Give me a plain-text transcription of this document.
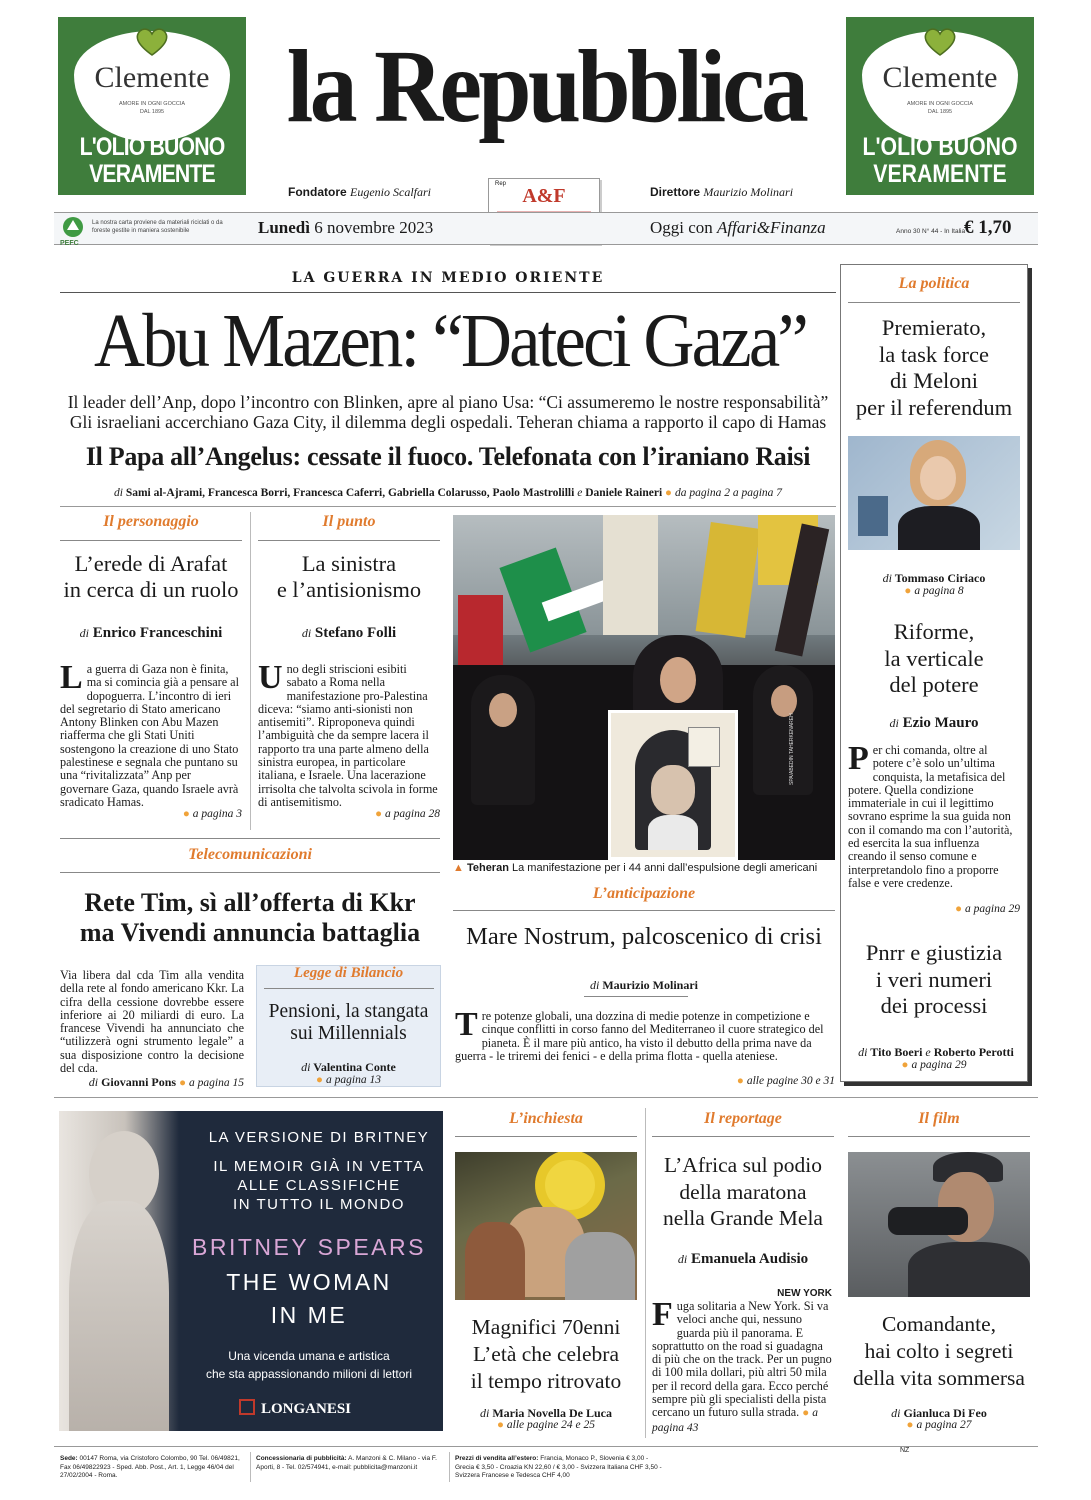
Clemente
AMORE IN OGNI GOCCIA
DAL 1895
L'OLIO BUONO
VERAMENTE
Clemente
AMORE IN OGNI GOCCIA
DAL 1895
L'OLIO BUONO
VERAMENTE
la Repubblica
Fondatore Eugenio Scalfari	Direttore Maurizio Molinari
Rep
A&F
PEFC
La nostra carta proviene da materiali riciclati o da foreste gestite in maniera sostenibile	Lunedì 6 novembre 2023	Oggi con Affari&Finanza	Anno 30 N° 44 - In Italia
€ 1,70
LA GUERRA IN MEDIO ORIENTE
Abu Mazen: “Dateci Gaza”
Il leader dell’Anp, dopo l’incontro con Blinken, apre al piano Usa: “Ci assumeremo le nostre responsabilità”
Gli israeliani accerchiano Gaza City, il dilemma degli ospedali. Teheran chiama a rapporto il capo di Hamas
Il Papa all’Angelus: cessate il fuoco. Telefonata con l’iraniano Raisi
di Sami al-Ajrami, Francesca Borri, Francesca Caferri, Gabriella Colarusso, Paolo Mastrolilli e Daniele Raineri ● da pagina 2 a pagina 7
Il personaggio
L’erede di Arafat
in cerca di un ruolo
di Enrico Franceschini
La guerra di Gaza non è finita, ma si comincia già a pensare al dopoguerra. L’incontro di ieri del segretario di Stato americano Antony Blinken con Abu Mazen riafferma che gli Stati Uniti sostengono la creazione di uno Stato palestinese e segnala che puntano su una “rivitalizzata” Anp per governare Gaza, quando Israele avrà sradicato Hamas.
● a pagina 3
Il punto
La sinistra
e l’antisionismo
di Stefano Folli
Uno degli striscioni esibiti sabato a Roma nella manifestazione pro-Palestina diceva: “siamo anti-sionisti non antisemiti”. Riproponeva quindi l’ambiguità che da sempre lacera il rapporto tra una parte almeno della sinistra europea, in particolare italiana, e Israele. Una lacerazione irrisolta che talvolta scivola in forme di antisemitismo.
● a pagina 28
SPA/ABEDIN TAHERKENAREH
▲ Teheran La manifestazione per i 44 anni dall’espulsione degli americani
La politica
Premierato,
la task force
di Meloni
per il referendum
di Tommaso Ciriaco
● a pagina 8
Riforme,
la verticale
del potere
di Ezio Mauro
Per chi comanda, oltre al potere c’è solo un’ultima conquista, la metafisica del potere. Quella condizione immateriale in cui il legittimo sovrano esprime la sua guida non con il comando ma con l’autorità, ed esercita la sua influenza creando il senso comune e interpretandolo fino a proporre false e vere credenze.
● a pagina 29
Pnrr e giustizia
i veri numeri
dei processi
di Tito Boeri e Roberto Perotti
● a pagina 29
Telecomunicazioni
Rete Tim, sì all’offerta di Kkr
ma Vivendi annuncia battaglia
Via libera dal cda Tim alla vendita della rete al fondo americano Kkr. La cifra della cessione dovrebbe essere inferiore ai 20 miliardi di euro. La francese Vivendi ha annunciato che “utilizzerà ogni strumento legale” a sua disposizione contro la decisione del cda.
di Giovanni Pons ● a pagina 15
Legge di Bilancio
Pensioni, la stangata
sui Millennials
di Valentina Conte
● a pagina 13
L’anticipazione
Mare Nostrum, palcoscenico di crisi
di Maurizio Molinari
Tre potenze globali, una dozzina di medie potenze in competizione e cinque conflitti in corso fanno del Mediterraneo il cuore strategico del pianeta. È il mare più antico, ha visto il debutto della prima nave da guerra - le triremi dei fenici - e della prima flotta - quella ateniese.
● alle pagine 30 e 31
LA VERSIONE DI BRITNEY
IL MEMOIR GIÀ IN VETTA
ALLE CLASSIFICHE
IN TUTTO IL MONDO
BRITNEY SPEARS
THE WOMAN
IN ME
Una vicenda umana e artistica
che sta appassionando milioni di lettori
LONGANESI
L’inchiesta
Magnifici 70enni
L’età che celebra
il tempo ritrovato
di Maria Novella De Luca
● alle pagine 24 e 25
Il reportage
L’Africa sul podio
della maratona
nella Grande Mela
di Emanuela Audisio
NEW YORK
Fuga solitaria a New York. Si va veloci anche qui, nessuno guarda più il panorama. E soprattutto on the road si guadagna di più che on the track. Per un pugno di 100 mila dollari, più altri 50 mila per il record della gara. Ecco perché sempre più gli specialisti della pista cercano un futuro sulla strada. ● a pagina 43
Il film
Comandante,
hai colto i segreti
della vita sommersa
di Gianluca Di Feo
● a pagina 27
Sede: 00147 Roma, via Cristoforo Colombo, 90 Tel. 06/49821, Fax 06/49822923 - Sped. Abb. Post., Art. 1, Legge 46/04 del 27/02/2004 - Roma.
Concessionaria di pubblicità: A. Manzoni & C. Milano - via F. Aporti, 8 - Tel. 02/574941, e-mail: pubblicita@manzoni.it
Prezzi di vendita all’estero: Francia, Monaco P., Slovenia € 3,00 - Grecia € 3,50 - Croazia KN 22,60 / € 3,00 - Svizzera Italiana CHF 3,50 - Svizzera Francese e Tedesca CHF 4,00
NZ
